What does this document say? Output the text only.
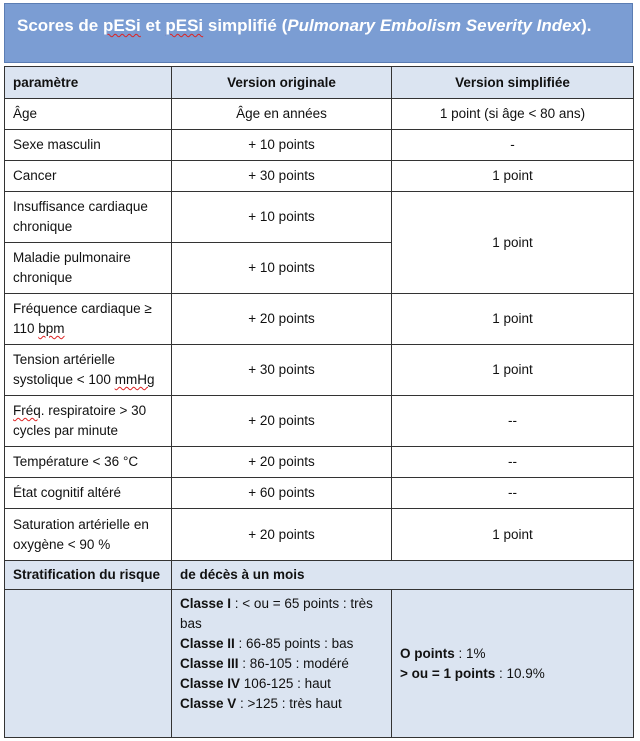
Scores de pESi et pESi simplifié (Pulmonary Embolism Severity Index).
paramètre	Version originale	Version simplifiée
Âge	Âge en années	1 point (si âge < 80 ans)
Sexe masculin	+ 10 points	-
Cancer	+ 30 points	1 point
Insuffisance cardiaque chronique	+ 10 points	1 point
Maladie pulmonaire chronique	+ 10 points	
Fréquence cardiaque ≥ 110 bpm	+ 20 points	1 point
Tension artérielle systolique < 100 mmHg	+ 30 points	1 point
Fréq. respiratoire > 30 cycles par minute	+ 20 points	--
Température < 36 °C	+ 20 points	--
État cognitif altéré	+ 60 points	--
Saturation artérielle en oxygène < 90 %	+ 20 points	1 point
Stratification du risque	de décès à un mois	

	Classe I : < ou = 65 points : très bas
Classe II : 66-85 points : bas
Classe III : 86-105 : modéré
Classe IV 106-125 : haut
Classe V : >125 : très haut	O points : 1%
> ou = 1 points : 10.9%
